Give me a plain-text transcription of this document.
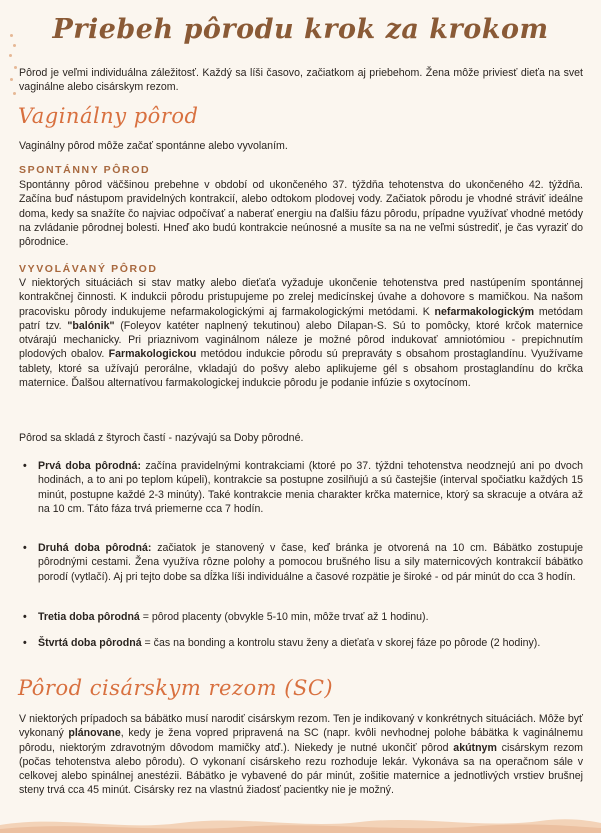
Priebeh pôrodu krok za krokom

Pôrod je veľmi individuálna záležitosť. Každý sa líši časovo, začiatkom aj priebehom. Žena môže priviesť dieťa na svet vaginálne alebo cisárskym rezom.

Vaginálny pôrod

Vaginálny pôrod môže začať spontánne alebo vyvolaním.

SPONTÁNNY PÔROD

Spontánny pôrod väčšinou prebehne v období od ukončeného 37. týždňa tehotenstva do ukončeného 42. týždňa. Začína buď nástupom pravidelných kontrakcií, alebo odtokom plodovej vody. Začiatok pôrodu je vhodné stráviť ideálne doma, kedy sa snažíte čo najviac odpočívať a naberať energiu na ďalšiu fázu pôrodu, prípadne využívať vhodné metódy na zvládanie pôrodnej bolesti. Hneď ako budú kontrakcie neúnosné a musíte sa na ne veľmi sústrediť, je čas vyraziť do pôrodnice.

VYVOLÁVANÝ PÔROD

V niektorých situáciách si stav matky alebo dieťaťa vyžaduje ukončenie tehotenstva pred nastúpením spontánnej kontrakčnej činnosti. K indukcii pôrodu pristupujeme po zrelej medicínskej úvahe a dohovore s mamičkou. Na našom pracovisku pôrody indukujeme nefarmakologickými aj farmakologickými metódami. K nefarmakologickým metódam patrí tzv. "balónik" (Foleyov katéter naplnený tekutinou) alebo Dilapan-S. Sú to pomôcky, ktoré krčok maternice otvárajú mechanicky. Pri priaznivom vaginálnom náleze je možné pôrod indukovať amniotómiou - prepichnutím plodových obalov. Farmakologickou metódou indukcie pôrodu sú prepraváty s obsahom prostaglandínu. Využívame tablety, ktoré sa užívajú perorálne, vkladajú do pošvy alebo aplikujeme gél s obsahom prostaglandínu do krčka maternice. Ďalšou alternatívou farmakologickej indukcie pôrodu je podanie infúzie s oxytocínom.

Pôrod sa skladá z štyroch častí - nazývajú sa Doby pôrodné.

• Prvá doba pôrodná: začína pravidelnými kontrakciami (ktoré po 37. týždni tehotenstva neodznejú ani po dvoch hodinách, a to ani po teplom kúpeli), kontrakcie sa postupne zosilňujú a sú častejšie (interval spočiatku každých 15 minút, postupne každé 2-3 minúty). Také kontrakcie menia charakter krčka maternice, ktorý sa skracuje a otvára až na 10 cm. Táto fáza trvá priemerne cca 7 hodín.
• Druhá doba pôrodná: začiatok je stanovený v čase, keď bránka je otvorená na 10 cm. Bábätko zostupuje pôrodnými cestami. Žena využíva rôzne polohy a pomocou brušného lisu a sily maternicových kontrakcií bábätko porodí (vytlačí). Aj pri tejto dobe sa dĺžka líši individuálne a časové rozpätie je široké - od pár minút do cca 3 hodín.
• Tretia doba pôrodná = pôrod placenty (obvykle 5-10 min, môže trvať až 1 hodinu).
• Štvrtá doba pôrodná = čas na bonding a kontrolu stavu ženy a dieťaťa v skorej fáze po pôrode (2 hodiny).
Pôrod cisárskym rezom (SC)

V niektorých prípadoch sa bábätko musí narodiť cisárskym rezom. Ten je indikovaný v konkrétnych situáciách. Môže byť vykonaný plánovane, kedy je žena vopred pripravená na SC (napr. kvôli nevhodnej polohe bábätka k vaginálnemu pôrodu, niektorým zdravotným dôvodom mamičky atď.). Niekedy je nutné ukončiť pôrod akútnym cisárskym rezom (počas tehotenstva alebo pôrodu). O vykonaní cisárskeho rezu rozhoduje lekár. Vykonáva sa na operačnom sále v celkovej alebo spinálnej anestézii. Bábätko je vybavené do pár minút, zošitie maternice a jednotlivých vrstiev brušnej steny trvá cca 45 minút. Cisársky rez na vlastnú žiadosť pacientky nie je možný.
